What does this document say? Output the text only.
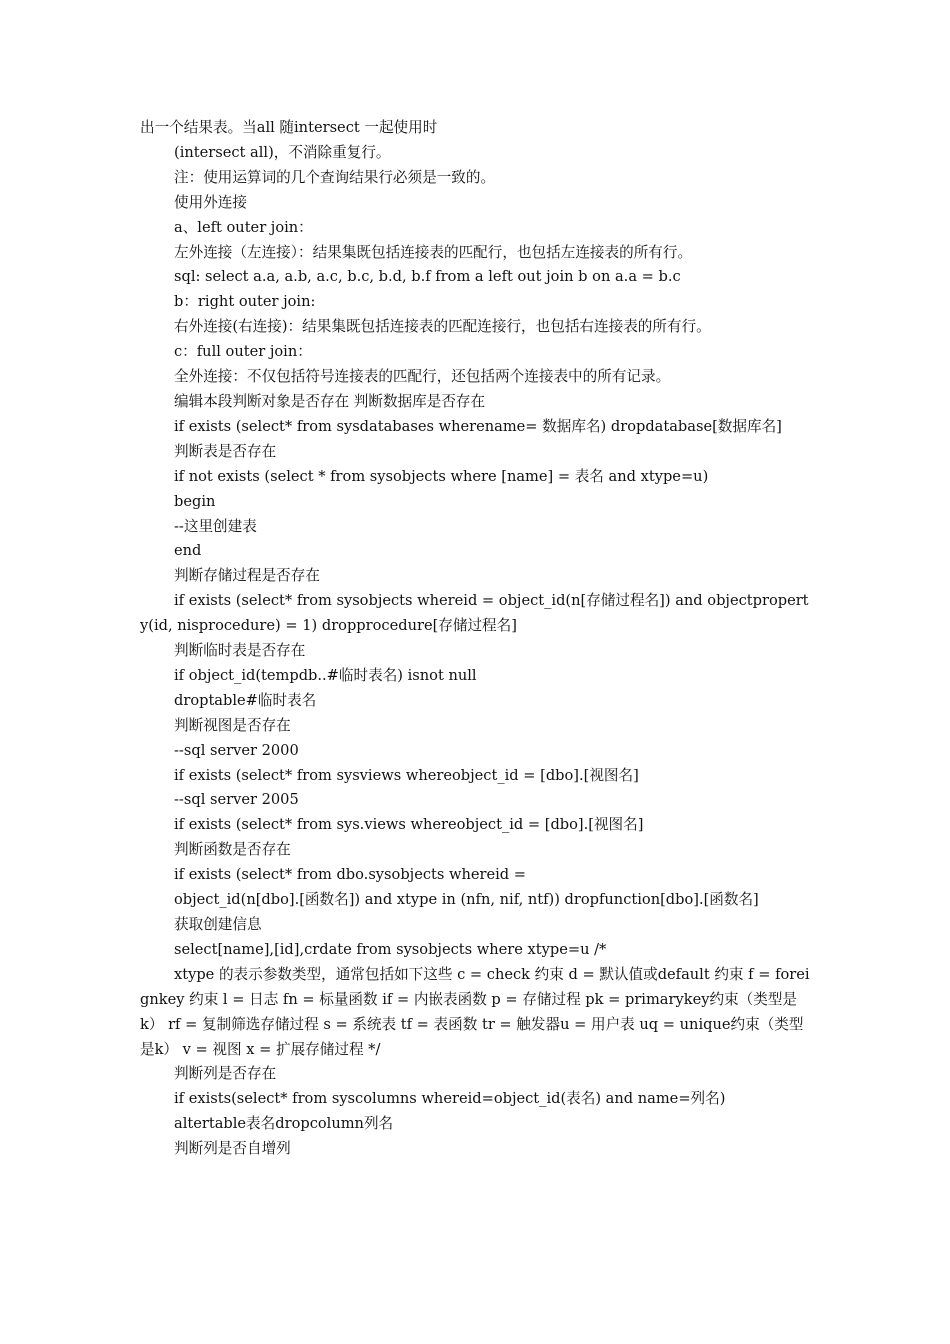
出一个结果表。当all 随intersect 一起使用时

(intersect all)，不消除重复行。

注：使用运算词的几个查询结果行必须是一致的。

使用外连接

a、left outer join：

左外连接（左连接）：结果集既包括连接表的匹配行，也包括左连接表的所有行。

sql: select a.a, a.b, a.c, b.c, b.d, b.f from a left out join b on a.a = b.c

b：right outer join:

右外连接(右连接)：结果集既包括连接表的匹配连接行，也包括右连接表的所有行。

c：full outer join：

全外连接：不仅包括符号连接表的匹配行，还包括两个连接表中的所有记录。

编辑本段判断对象是否存在 判断数据库是否存在

if exists (select* from sysdatabases wherename= 数据库名) dropdatabase[数据库名]

判断表是否存在

if not exists (select * from sysobjects where [name] = 表名 and xtype=u)

begin

--这里创建表

end

判断存储过程是否存在

if exists (select* from sysobjects whereid = object_id(n[存储过程名]) and objectproperty(id, nisprocedure) = 1) dropprocedure[存储过程名]

判断临时表是否存在

if object_id(tempdb..#临时表名) isnot null

droptable#临时表名

判断视图是否存在

--sql server 2000

if exists (select* from sysviews whereobject_id = [dbo].[视图名]

--sql server 2005

if exists (select* from sys.views whereobject_id = [dbo].[视图名]

判断函数是否存在

if exists (select* from dbo.sysobjects whereid =

object_id(n[dbo].[函数名]) and xtype in (nfn, nif, ntf)) dropfunction[dbo].[函数名]

获取创建信息

select[name],[id],crdate from sysobjects where xtype=u /*

xtype 的表示参数类型，通常包括如下这些 c = check 约束 d = 默认值或default 约束 f = foreignkey 约束 l = 日志 fn = 标量函数 if = 内嵌表函数 p = 存储过程 pk = primarykey约束（类型是k） rf = 复制筛选存储过程 s = 系统表 tf = 表函数 tr = 触发器u = 用户表 uq = unique约束（类型是k） v = 视图 x = 扩展存储过程 */

判断列是否存在

if exists(select* from syscolumns whereid=object_id(表名) and name=列名)

altertable表名dropcolumn列名

判断列是否自增列
